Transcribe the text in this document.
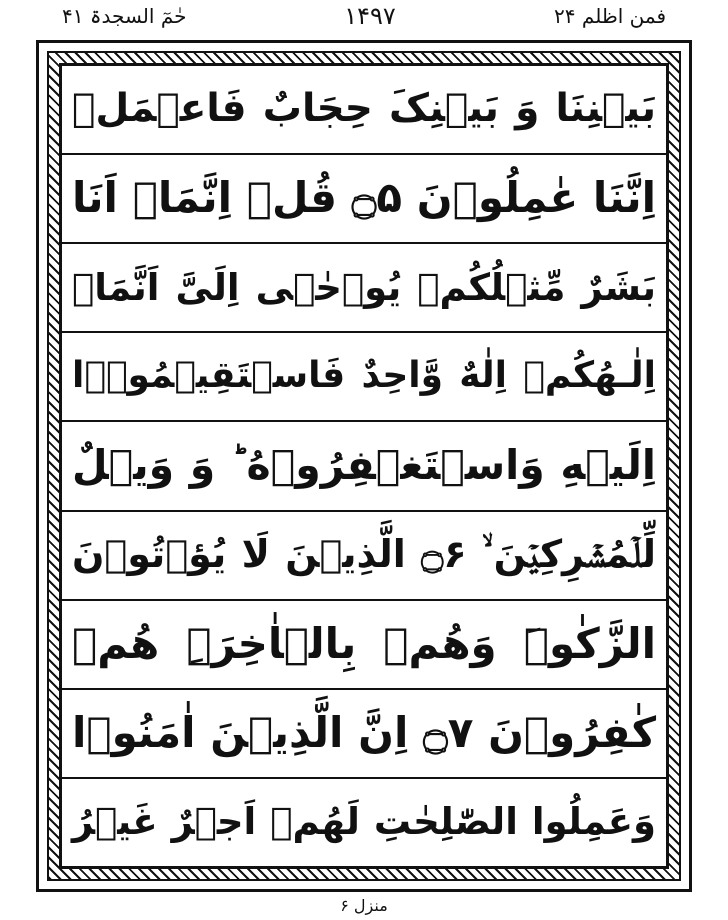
حٰمٓ السجدۃ ۴۱	۱۴۹۷	فمن اظلم ۲۴
بَیۡنِنَا وَ بَیۡنِکَ حِجَابٌ فَاعۡمَلۡ
اِنَّنَا عٰمِلُوۡنَ ۝۵ قُلۡ اِنَّمَاۤ اَنَا
بَشَرٌ مِّثۡلُکُمۡ یُوۡحٰۤی اِلَیَّ اَنَّمَاۤ
اِلٰـهُکُمۡ اِلٰهٌ وَّاحِدٌ فَاسۡتَقِیۡمُوۡۤا
اِلَیۡهِ وَاسۡتَغۡفِرُوۡهُ ؕ وَ وَیۡلٌ
لِّلۡمُشۡرِکِیۡنَ ۙ ۝۶ الَّذِیۡنَ لَا یُؤۡتُوۡنَ
الزَّکٰوۃَ وَهُمۡ بِالۡاٰخِرَۃِ هُمۡ
کٰفِرُوۡنَ ۝۷ اِنَّ الَّذِیۡنَ اٰمَنُوۡا
وَعَمِلُوا الصّٰلِحٰتِ لَهُمۡ اَجۡرٌ غَیۡرُ
منزل ۶
